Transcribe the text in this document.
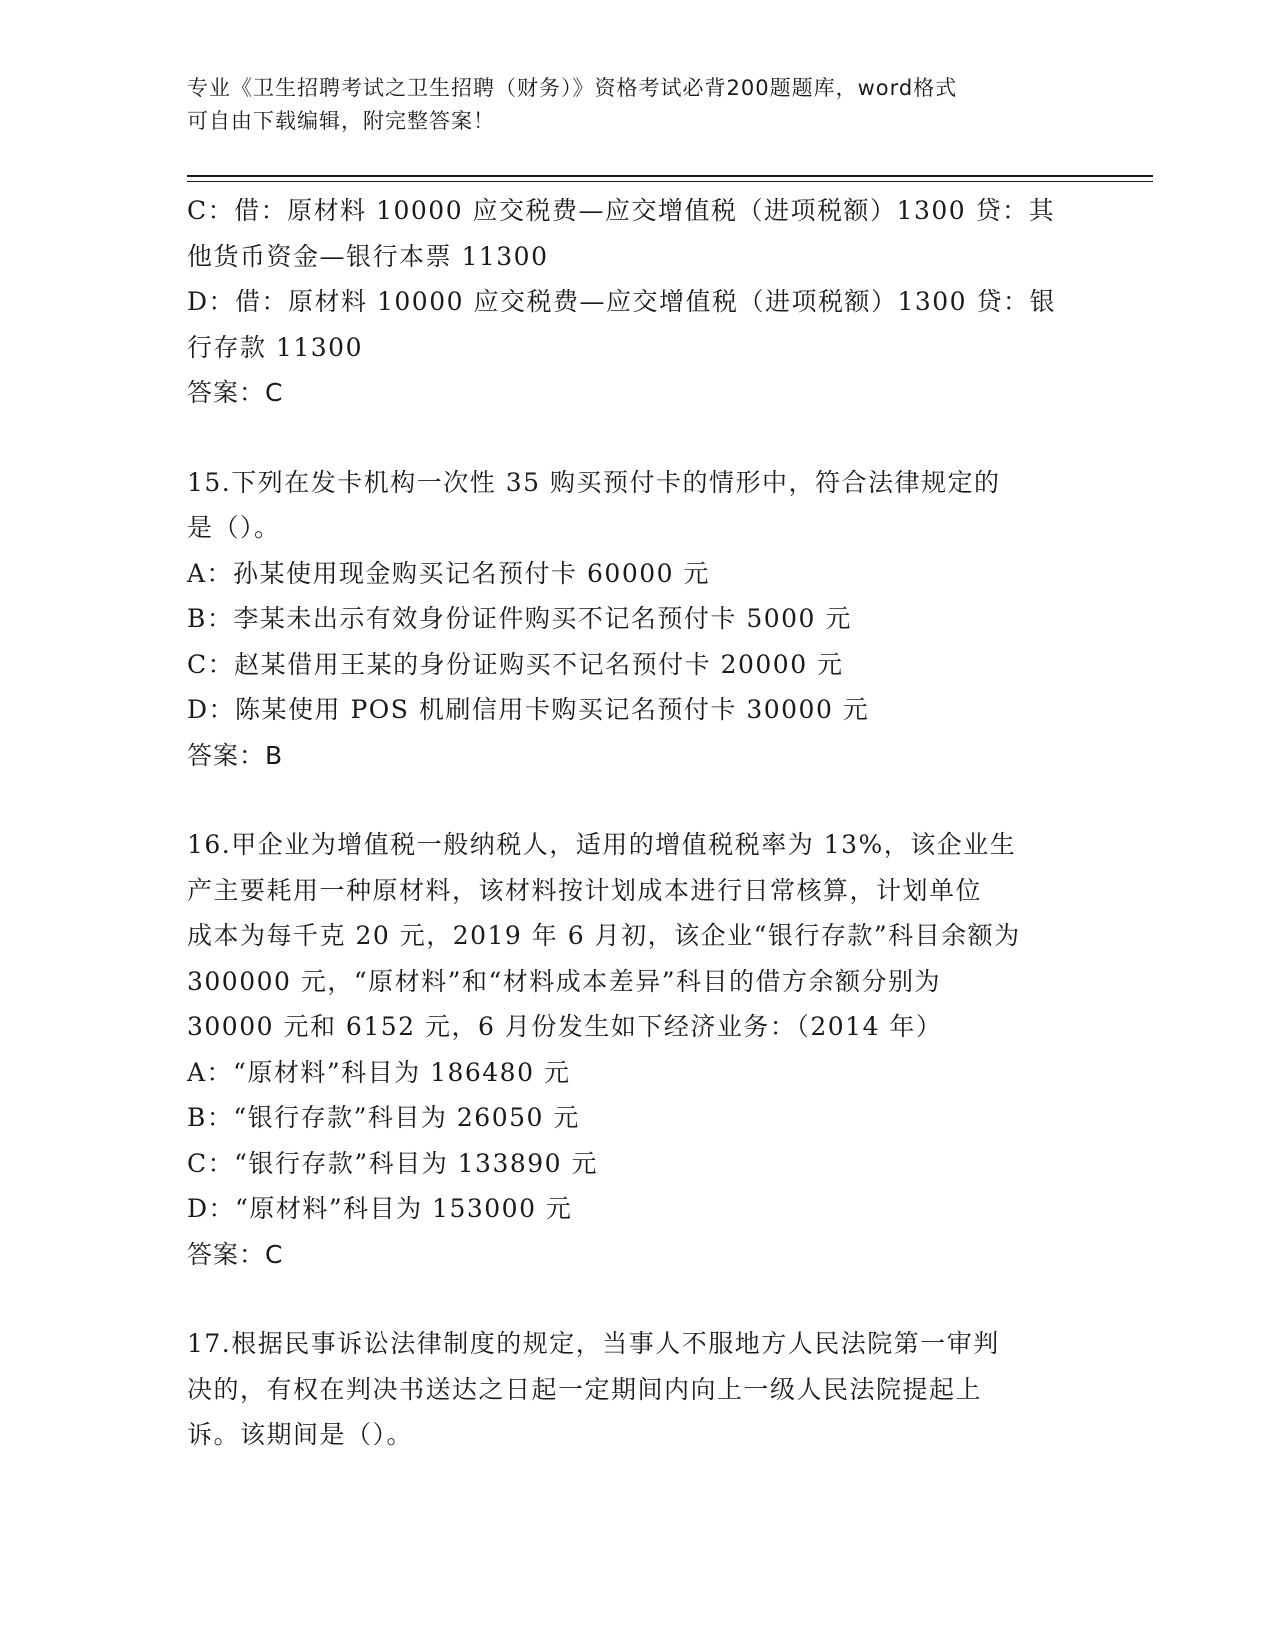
专业《卫生招聘考试之卫生招聘（财务）》资格考试必背200题题库，word格式
可自由下载编辑，附完整答案！
C：借：原材料 10000 应交税费—应交增值税（进项税额）1300 贷：其
他货币资金—银行本票 11300
D：借：原材料 10000 应交税费—应交增值税（进项税额）1300 贷：银
行存款 11300
答案：C
15.下列在发卡机构一次性 35 购买预付卡的情形中，符合法律规定的
是（）。
A：孙某使用现金购买记名预付卡 60000 元
B：李某未出示有效身份证件购买不记名预付卡 5000 元
C：赵某借用王某的身份证购买不记名预付卡 20000 元
D：陈某使用 POS 机刷信用卡购买记名预付卡 30000 元
答案：B
16.甲企业为增值税一般纳税人，适用的增值税税率为 13%，该企业生
产主要耗用一种原材料，该材料按计划成本进行日常核算，计划单位
成本为每千克 20 元，2019 年 6 月初，该企业“银行存款”科目余额为
300000 元，“原材料”和“材料成本差异”科目的借方余额分别为
30000 元和 6152 元，6 月份发生如下经济业务：（2014 年）
A：“原材料”科目为 186480 元
B：“银行存款”科目为 26050 元
C：“银行存款”科目为 133890 元
D：“原材料”科目为 153000 元
答案：C
17.根据民事诉讼法律制度的规定，当事人不服地方人民法院第一审判
决的，有权在判决书送达之日起一定期间内向上一级人民法院提起上
诉。该期间是（）。
